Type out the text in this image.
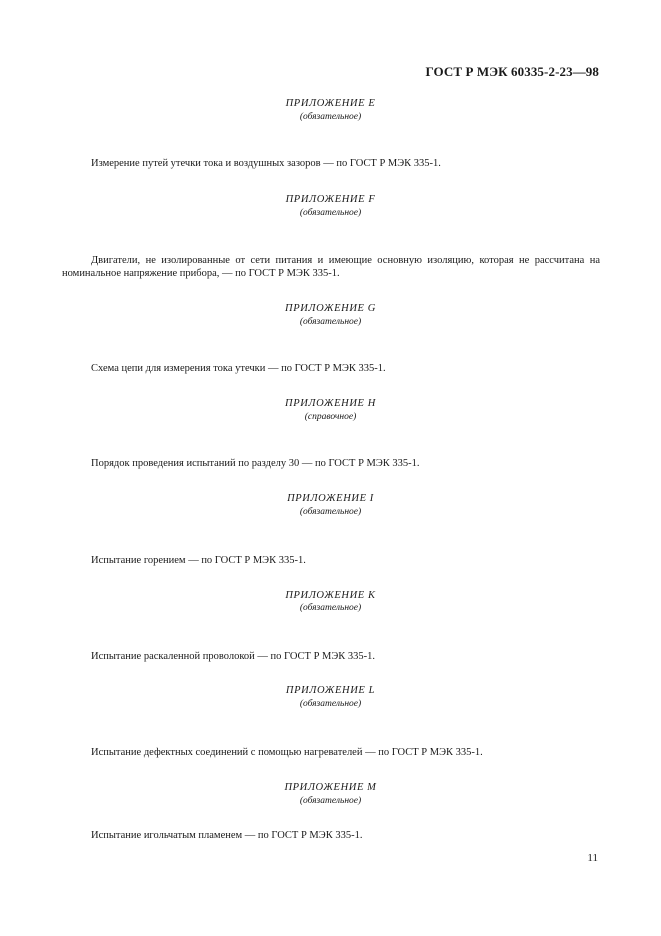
ГОСТ Р МЭК 60335-2-23—98
ПРИЛОЖЕНИЕ E
(обязательное)
Измерение путей утечки тока и воздушных зазоров — по ГОСТ Р МЭК 335-1.
ПРИЛОЖЕНИЕ F
(обязательное)
Двигатели, не изолированные от сети питания и имеющие основную изоляцию, которая не рассчитана на номинальное напряжение прибора, — по ГОСТ Р МЭК 335-1.
ПРИЛОЖЕНИЕ G
(обязательное)
Схема цепи для измерения тока утечки — по ГОСТ Р МЭК 335-1.
ПРИЛОЖЕНИЕ H
(справочное)
Порядок проведения испытаний по разделу 30 — по ГОСТ Р МЭК 335-1.
ПРИЛОЖЕНИЕ I
(обязательное)
Испытание горением — по ГОСТ Р МЭК 335-1.
ПРИЛОЖЕНИЕ K
(обязательное)
Испытание раскаленной проволокой — по ГОСТ Р МЭК 335-1.
ПРИЛОЖЕНИЕ L
(обязательное)
Испытание дефектных соединений с помощью нагревателей — по ГОСТ Р МЭК 335-1.
ПРИЛОЖЕНИЕ M
(обязательное)
Испытание игольчатым пламенем — по ГОСТ Р МЭК 335-1.
11
